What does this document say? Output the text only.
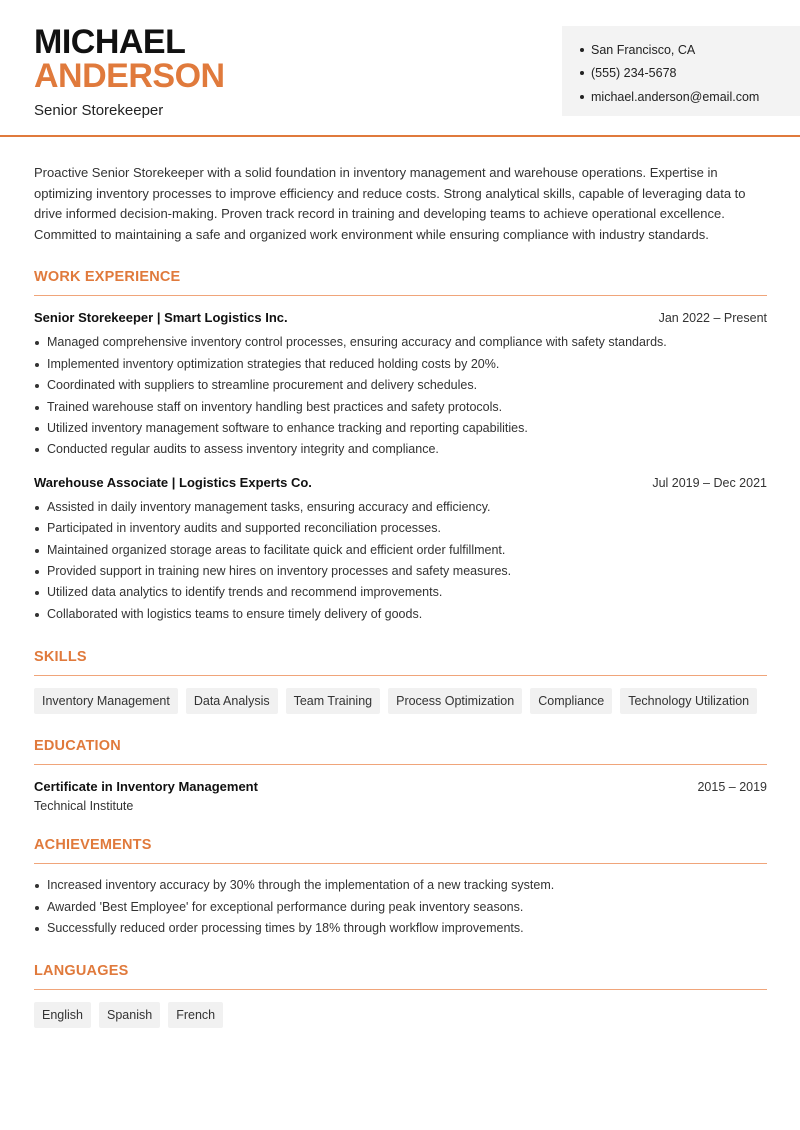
MICHAEL
ANDERSON
Senior Storekeeper
San Francisco, CA
(555) 234-5678
michael.anderson@email.com

Proactive Senior Storekeeper with a solid foundation in inventory management and warehouse operations. Expertise in optimizing inventory processes to improve efficiency and reduce costs. Strong analytical skills, capable of leveraging data to drive informed decision-making. Proven track record in training and developing teams to achieve operational excellence. Committed to maintaining a safe and organized work environment while ensuring compliance with industry standards.

WORK EXPERIENCE
Senior Storekeeper | Smart Logistics Inc.	Jan 2022 – Present
Managed comprehensive inventory control processes, ensuring accuracy and compliance with safety standards.
Implemented inventory optimization strategies that reduced holding costs by 20%.
Coordinated with suppliers to streamline procurement and delivery schedules.
Trained warehouse staff on inventory handling best practices and safety protocols.
Utilized inventory management software to enhance tracking and reporting capabilities.
Conducted regular audits to assess inventory integrity and compliance.
Warehouse Associate | Logistics Experts Co.	Jul 2019 – Dec 2021
Assisted in daily inventory management tasks, ensuring accuracy and efficiency.
Participated in inventory audits and supported reconciliation processes.
Maintained organized storage areas to facilitate quick and efficient order fulfillment.
Provided support in training new hires on inventory processes and safety measures.
Utilized data analytics to identify trends and recommend improvements.
Collaborated with logistics teams to ensure timely delivery of goods.
SKILLS
Inventory Management	Data Analysis	Team Training	Process Optimization	Compliance	Technology Utilization
EDUCATION
Certificate in Inventory Management	2015 – 2019
Technical Institute
ACHIEVEMENTS
Increased inventory accuracy by 30% through the implementation of a new tracking system.
Awarded 'Best Employee' for exceptional performance during peak inventory seasons.
Successfully reduced order processing times by 18% through workflow improvements.
LANGUAGES
English	Spanish	French
